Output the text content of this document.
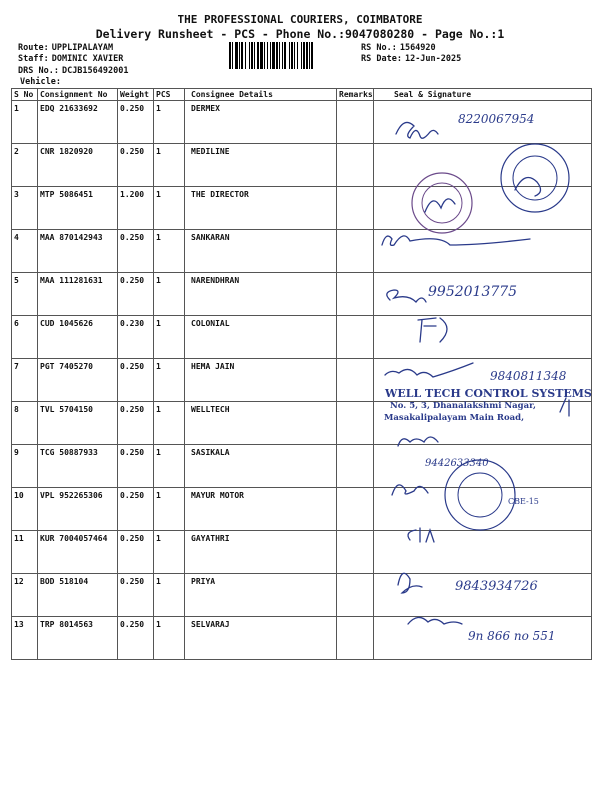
THE PROFESSIONAL COURIERS, COIMBATORE
Delivery Runsheet - PCS - Phone No.:9047080280 - Page No.:1
Route: UPPLIPALAYAM
Staff: DOMINIC XAVIER
DRS No.: DCJB156492001
Vehicle:
RS No.: 1564920
RS Date: 12-Jun-2025
S No	Consignment No	Weight	PCS	Consignee Details	Remarks	Seal & Signature
1	EDQ 21633692	0.250	1	DERMEX		
2	CNR 1820920	0.250	1	MEDILINE		
3	MTP 5086451	1.200	1	THE DIRECTOR		
4	MAA 870142943	0.250	1	SANKARAN		
5	MAA 111281631	0.250	1	NARENDHRAN		
6	CUD 1045626	0.230	1	COLONIAL		
7	PGT 7405270	0.250	1	HEMA JAIN		
8	TVL 5704150	0.250	1	WELLTECH		
9	TCG 50887933	0.250	1	SASIKALA		
10	VPL 952265306	0.250	1	MAYUR MOTOR		
11	KUR 7004057464	0.250	1	GAYATHRI		
12	BOD 518104	0.250	1	PRIYA		
13	TRP 8014563	0.250	1	SELVARAJ		
8220067954
9952013775
9840811348
9442633340
9843934726
9n 866 no 551
CBE-15
WELL TECH CONTROL SYSTEMS
No. 5, 3, Dhanalakshmi Nagar,
Masakalipalayam Main Road,
